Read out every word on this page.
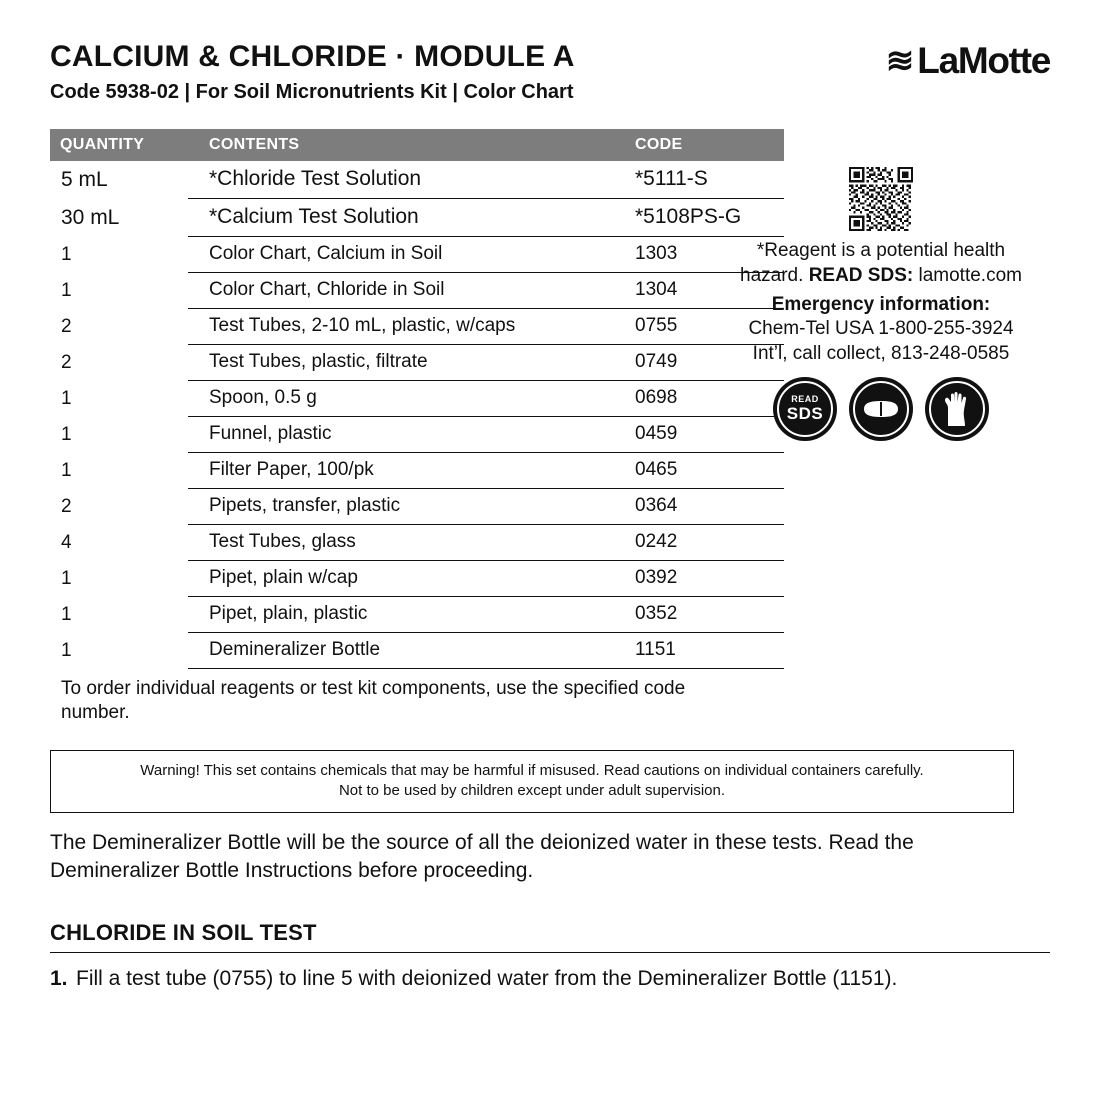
CALCIUM & CHLORIDE · MODULE A
Code 5938-02 | For Soil Micronutrients Kit | Color Chart
≋ LaMotte
QUANTITY	CONTENTS	CODE
5 mL	*Chloride Test Solution	*5111-S
30 mL	*Calcium Test Solution	*5108PS-G
1	Color Chart, Calcium in Soil	1303
1	Color Chart, Chloride in Soil	1304
2	Test Tubes, 2-10 mL, plastic, w/caps	0755
2	Test Tubes, plastic, filtrate	0749
1	Spoon, 0.5 g	0698
1	Funnel, plastic	0459
1	Filter Paper, 100/pk	0465
2	Pipets, transfer, plastic	0364
4	Test Tubes, glass	0242
1	Pipet, plain w/cap	0392
1	Pipet, plain, plastic	0352
1	Demineralizer Bottle	1151
To order individual reagents or test kit components, use the specified code number.
*Reagent is a potential health
hazard. READ SDS: lamotte.com
Emergency information:
Chem-Tel USA 1-800-255-3924
Int’l, call collect, 813-248-0585
READ
SDS
Warning! This set contains chemicals that may be harmful if misused. Read cautions on individual containers carefully.
Not to be used by children except under adult supervision.
The Demineralizer Bottle will be the source of all the deionized water in these tests. Read the Demineralizer Bottle Instructions before proceeding.
CHLORIDE IN SOIL TEST
1. Fill a test tube (0755) to line 5 with deionized water from the Demineralizer Bottle (1151).
